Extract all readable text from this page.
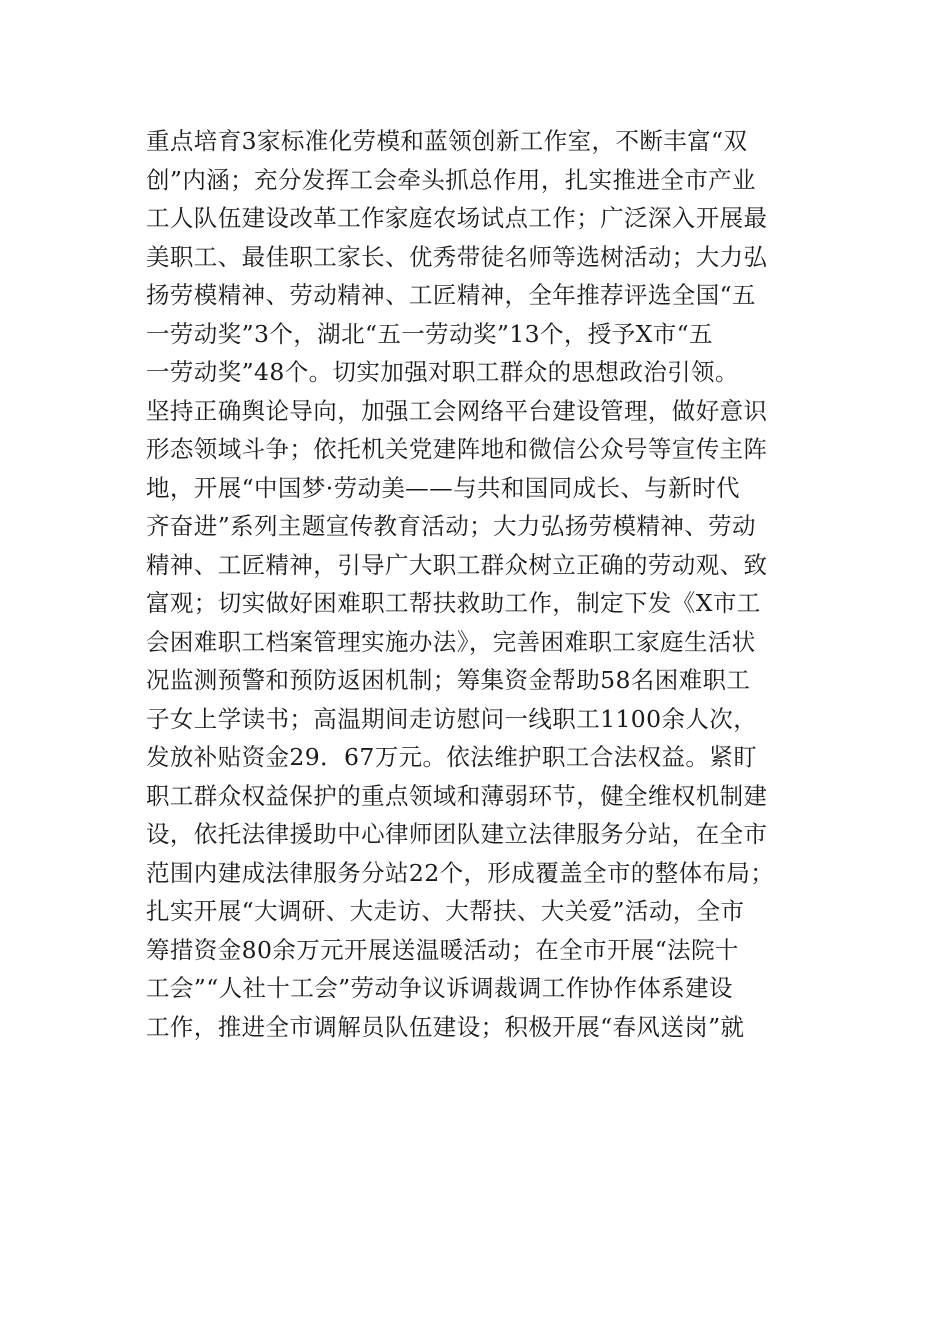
重点培育3家标准化劳模和蓝领创新工作室，不断丰富“双
创”内涵；充分发挥工会牵头抓总作用，扎实推进全市产业
工人队伍建设改革工作家庭农场试点工作；广泛深入开展最
美职工、最佳职工家长、优秀带徒名师等选树活动；大力弘
扬劳模精神、劳动精神、工匠精神，全年推荐评选全国“五
一劳动奖”3个，湖北“五一劳动奖”13个，授予X市“五
一劳动奖”48个。切实加强对职工群众的思想政治引领。
坚持正确舆论导向，加强工会网络平台建设管理，做好意识
形态领域斗争；依托机关党建阵地和微信公众号等宣传主阵
地，开展“中国梦·劳动美——与共和国同成长、与新时代
齐奋进”系列主题宣传教育活动；大力弘扬劳模精神、劳动
精神、工匠精神，引导广大职工群众树立正确的劳动观、致
富观；切实做好困难职工帮扶救助工作，制定下发《X市工
会困难职工档案管理实施办法》，完善困难职工家庭生活状
况监测预警和预防返困机制；筹集资金帮助58名困难职工
子女上学读书；高温期间走访慰问一线职工1100余人次，
发放补贴资金29．67万元。依法维护职工合法权益。紧盯
职工群众权益保护的重点领域和薄弱环节，健全维权机制建
设，依托法律援助中心律师团队建立法律服务分站，在全市
范围内建成法律服务分站22个，形成覆盖全市的整体布局；
扎实开展“大调研、大走访、大帮扶、大关爱”活动，全市
筹措资金80余万元开展送温暖活动；在全市开展“法院十
工会”“人社十工会”劳动争议诉调裁调工作协作体系建设
工作，推进全市调解员队伍建设；积极开展“春风送岗”就
